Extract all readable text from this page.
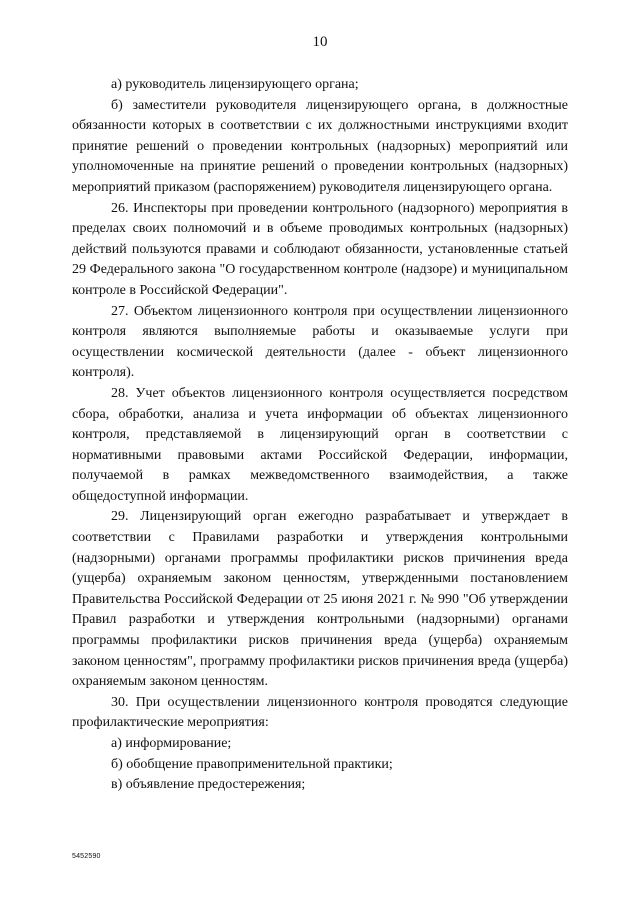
10

а) руководитель лицензирующего органа;

б) заместители руководителя лицензирующего органа, в должностные обязанности которых в соответствии с их должностными инструкциями входит принятие решений о проведении контрольных (надзорных) мероприятий или уполномоченные на принятие решений о проведении контрольных (надзорных) мероприятий приказом (распоряжением) руководителя лицензирующего органа.

26. Инспекторы при проведении контрольного (надзорного) мероприятия в пределах своих полномочий и в объеме проводимых контрольных (надзорных) действий пользуются правами и соблюдают обязанности, установленные статьей 29 Федерального закона "О государственном контроле (надзоре) и муниципальном контроле в Российской Федерации".

27. Объектом лицензионного контроля при осуществлении лицензионного контроля являются выполняемые работы и оказываемые услуги при осуществлении космической деятельности (далее - объект лицензионного контроля).

28. Учет объектов лицензионного контроля осуществляется посредством сбора, обработки, анализа и учета информации об объектах лицензионного контроля, представляемой в лицензирующий орган в соответствии с нормативными правовыми актами Российской Федерации, информации, получаемой в рамках межведомственного взаимодействия, а также общедоступной информации.

29. Лицензирующий орган ежегодно разрабатывает и утверждает в соответствии с Правилами разработки и утверждения контрольными (надзорными) органами программы профилактики рисков причинения вреда (ущерба) охраняемым законом ценностям, утвержденными постановлением Правительства Российской Федерации от 25 июня 2021 г. № 990 "Об утверждении Правил разработки и утверждения контрольными (надзорными) органами программы профилактики рисков причинения вреда (ущерба) охраняемым законом ценностям", программу профилактики рисков причинения вреда (ущерба) охраняемым законом ценностям.

30. При осуществлении лицензионного контроля проводятся следующие профилактические мероприятия:

а) информирование;

б) обобщение правоприменительной практики;

в) объявление предостережения;

5452590
